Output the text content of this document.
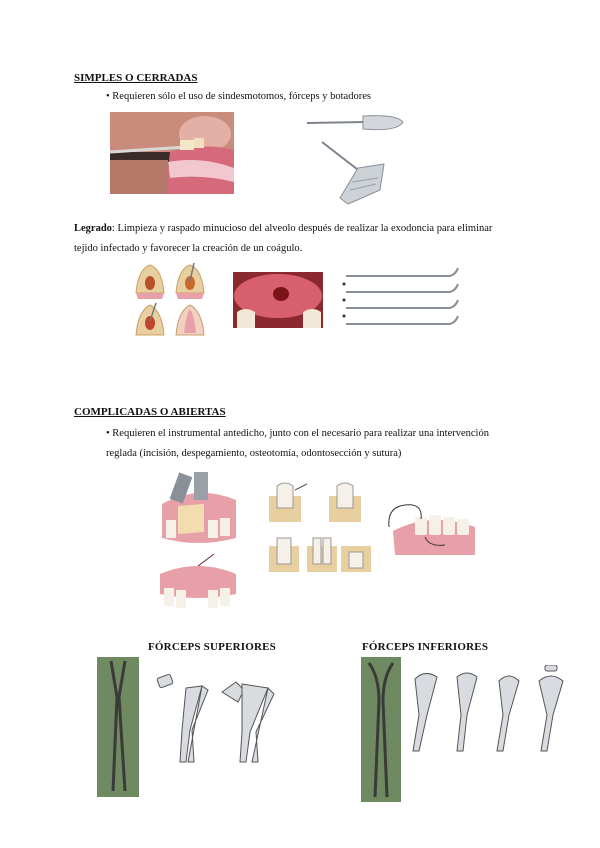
SIMPLES O CERRADAS
• Requieren sólo el uso de sindesmotomos, fórceps y botadores
Legrado: Limpieza y raspado minucioso del alveolo después de realizar la exodoncia para eliminar
tejido infectado y favorecer la creación de un coágulo.
COMPLICADAS O ABIERTAS
• Requieren el instrumental antedicho, junto con el necesario para realizar una intervención
reglada (incisión, despegamiento, osteotomía, odontosección y sutura)
FÓRCEPS SUPERIORES	FÓRCEPS INFERIORES
